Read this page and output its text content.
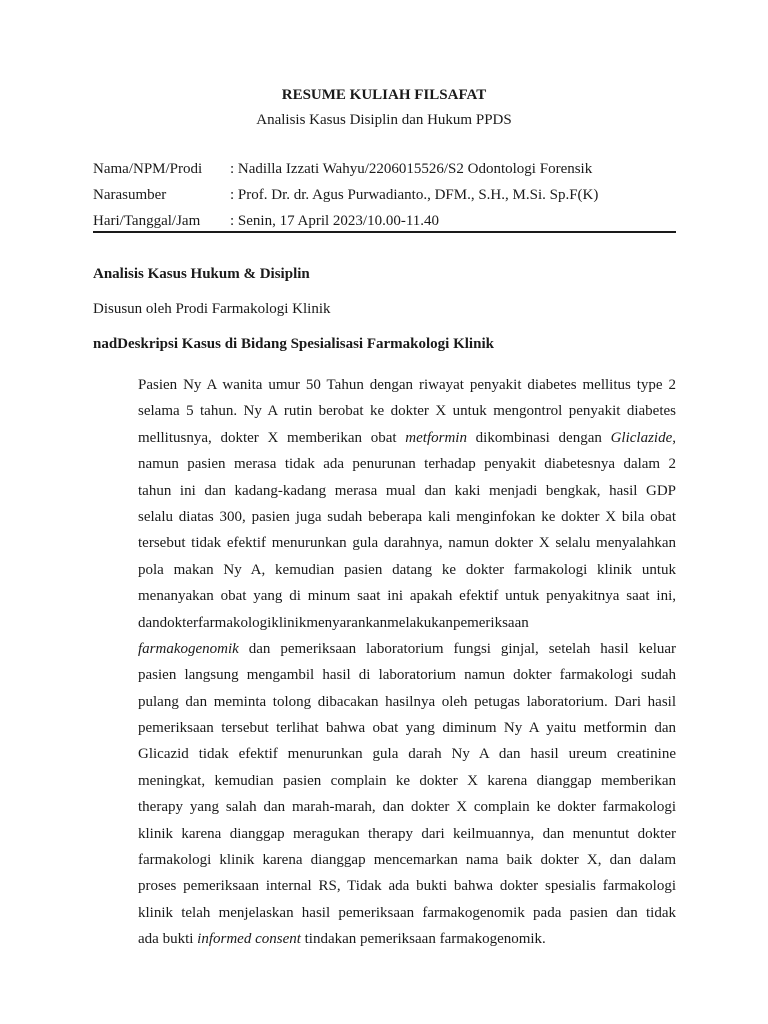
RESUME KULIAH FILSAFAT
Analisis Kasus Disiplin dan Hukum PPDS
Nama/NPM/Prodi : Nadilla Izzati Wahyu/2206015526/S2 Odontologi Forensik
Narasumber	: Prof. Dr. dr. Agus Purwadianto., DFM., S.H., M.Si. Sp.F(K)
Hari/Tanggal/Jam : Senin, 17 April 2023/10.00-11.40
Analisis Kasus Hukum & Disiplin
Disusun oleh Prodi Farmakologi Klinik
nadDeskripsi Kasus di Bidang Spesialisasi Farmakologi Klinik
Pasien Ny A wanita umur 50 Tahun dengan riwayat penyakit diabetes mellitus type 2
selama 5 tahun. Ny A rutin berobat ke dokter X untuk mengontrol penyakit diabetes
mellitusnya, dokter X memberikan obat metformin dikombinasi dengan Gliclazide,
namun pasien merasa tidak ada penurunan terhadap penyakit diabetesnya dalam 2
tahun ini dan kadang-kadang merasa mual dan kaki menjadi bengkak, hasil GDP
selalu diatas 300, pasien juga sudah beberapa kali menginfokan ke dokter X bila obat
tersebut tidak efektif menurunkan gula darahnya, namun dokter X selalu menyalahkan
pola makan Ny A, kemudian pasien datang ke dokter farmakologi klinik untuk
menanyakan obat yang di minum saat ini apakah efektif untuk penyakitnya saat ini,
dandokterfarmakologiklinikmenyarankanmelakukanpemeriksaan
farmakogenomik dan pemeriksaan laboratorium fungsi ginjal, setelah hasil keluar
pasien langsung mengambil hasil di laboratorium namun dokter farmakologi sudah
pulang dan meminta tolong dibacakan hasilnya oleh petugas laboratorium. Dari hasil
pemeriksaan tersebut terlihat bahwa obat yang diminum Ny A yaitu metformin dan
Glicazid tidak efektif menurunkan gula darah Ny A dan hasil ureum creatinine
meningkat, kemudian pasien complain ke dokter X karena dianggap memberikan
therapy yang salah dan marah-marah, dan dokter X complain ke dokter farmakologi
klinik karena dianggap meragukan therapy dari keilmuannya, dan menuntut dokter
farmakologi klinik karena dianggap mencemarkan nama baik dokter X, dan dalam
proses pemeriksaan internal RS, Tidak ada bukti bahwa dokter spesialis farmakologi
klinik telah menjelaskan hasil pemeriksaan farmakogenomik pada pasien dan tidak
ada bukti informed consent tindakan pemeriksaan farmakogenomik.
